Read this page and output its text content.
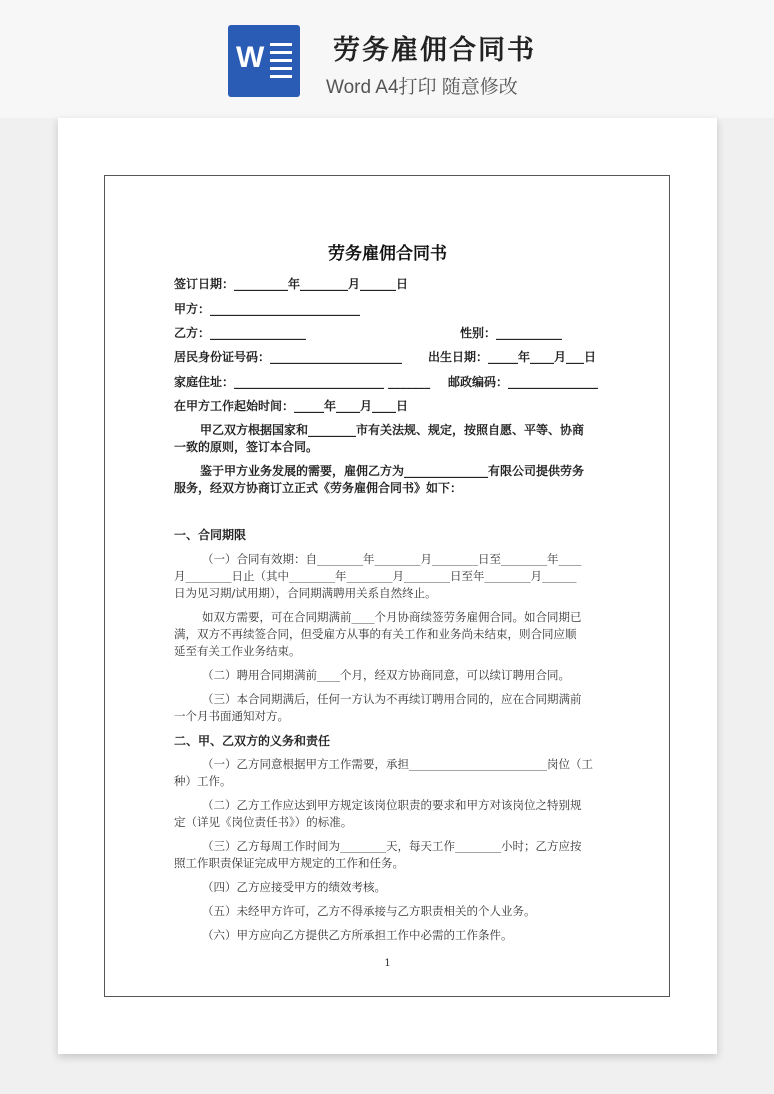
W	劳务雇佣合同书
Word A4打印 随意修改
劳务雇佣合同书
签订日期：_________年________月______日
甲方：_________________________
乙方：________________	性别：___________
居民身份证号码：______________________ 出生日期：_____年____月___日
家庭住址：_________________________ _______ 邮政编码：_______________
在甲方工作起始时间：_____年____月____日
甲乙双方根据国家和________市有关法规、规定，按照自愿、平等、协商
一致的原则，签订本合同。
鉴于甲方业务发展的需要，雇佣乙方为______________有限公司提供劳务
服务，经双方协商订立正式《劳务雇佣合同书》如下：
一、合同期限
（一）合同有效期：自________年________月________日至________年____
月________日止（其中________年________月________日至年________月______
日为见习期/试用期），合同期满聘用关系自然终止。
如双方需要，可在合同期满前____个月协商续签劳务雇佣合同。如合同期已
满，双方不再续签合同，但受雇方从事的有关工作和业务尚未结束，则合同应顺
延至有关工作业务结束。
（二）聘用合同期满前____个月，经双方协商同意，可以续订聘用合同。
（三）本合同期满后，任何一方认为不再续订聘用合同的，应在合同期满前
一个月书面通知对方。
二、甲、乙双方的义务和责任
（一）乙方同意根据甲方工作需要，承担________________________岗位（工
种）工作。
（二）乙方工作应达到甲方规定该岗位职责的要求和甲方对该岗位之特别规
定（详见《岗位责任书》）的标准。
（三）乙方每周工作时间为________天，每天工作________小时；乙方应按
照工作职责保证完成甲方规定的工作和任务。
（四）乙方应接受甲方的绩效考核。
（五）未经甲方许可，乙方不得承接与乙方职责相关的个人业务。
（六）甲方应向乙方提供乙方所承担工作中必需的工作条件。
1
